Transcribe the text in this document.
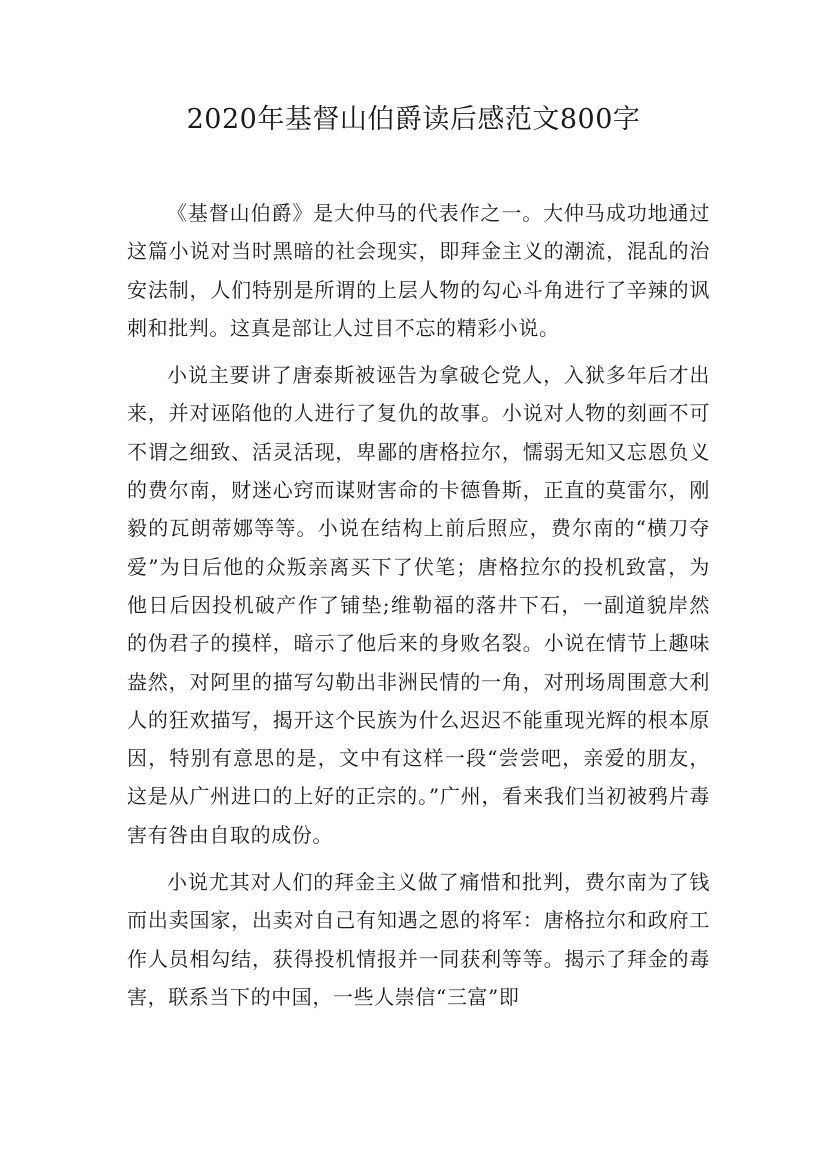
2020年基督山伯爵读后感范文800字

《基督山伯爵》是大仲马的代表作之一。大仲马成功地通过这篇小说对当时黑暗的社会现实，即拜金主义的潮流，混乱的治安法制，人们特别是所谓的上层人物的勾心斗角进行了辛辣的讽刺和批判。这真是部让人过目不忘的精彩小说。

小说主要讲了唐泰斯被诬告为拿破仑党人，入狱多年后才出来，并对诬陷他的人进行了复仇的故事。小说对人物的刻画不可不谓之细致、活灵活现，卑鄙的唐格拉尔，懦弱无知又忘恩负义的费尔南，财迷心窍而谋财害命的卡德鲁斯，正直的莫雷尔，刚毅的瓦朗蒂娜等等。小说在结构上前后照应，费尔南的“横刀夺爱”为日后他的众叛亲离买下了伏笔；唐格拉尔的投机致富，为他日后因投机破产作了铺垫;维勒福的落井下石，一副道貌岸然的伪君子的摸样，暗示了他后来的身败名裂。小说在情节上趣味盎然，对阿里的描写勾勒出非洲民情的一角，对刑场周围意大利人的狂欢描写，揭开这个民族为什么迟迟不能重现光辉的根本原因，特别有意思的是，文中有这样一段“尝尝吧，亲爱的朋友，这是从广州进口的上好的正宗的。”广州，看来我们当初被鸦片毒害有咎由自取的成份。

小说尤其对人们的拜金主义做了痛惜和批判，费尔南为了钱而出卖国家，出卖对自己有知遇之恩的将军：唐格拉尔和政府工作人员相勾结，获得投机情报并一同获利等等。揭示了拜金的毒害，联系当下的中国，一些人崇信“三富”即
